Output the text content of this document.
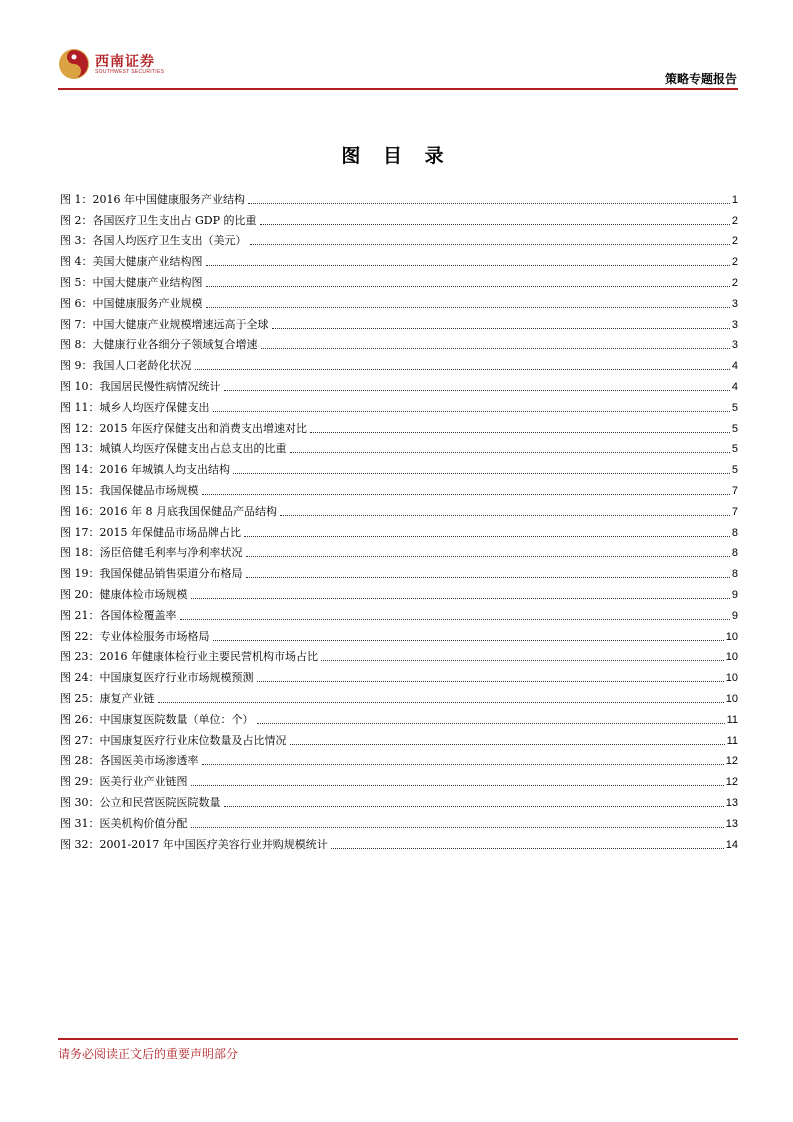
西南证券
SOUTHWEST SECURITIES	策略专题报告
图 目 录
图 1：2016 年中国健康服务产业结构	1
图 2：各国医疗卫生支出占 GDP 的比重	2
图 3：各国人均医疗卫生支出（美元）	2
图 4：美国大健康产业结构图	2
图 5：中国大健康产业结构图	2
图 6：中国健康服务产业规模	3
图 7：中国大健康产业规模增速远高于全球	3
图 8：大健康行业各细分子领域复合增速	3
图 9：我国人口老龄化状况	4
图 10：我国居民慢性病情况统计	4
图 11：城乡人均医疗保健支出	5
图 12：2015 年医疗保健支出和消费支出增速对比	5
图 13：城镇人均医疗保健支出占总支出的比重	5
图 14：2016 年城镇人均支出结构	5
图 15：我国保健品市场规模	7
图 16：2016 年 8 月底我国保健品产品结构	7
图 17：2015 年保健品市场品牌占比	8
图 18：汤臣倍健毛利率与净利率状况	8
图 19：我国保健品销售渠道分布格局	8
图 20：健康体检市场规模	9
图 21：各国体检覆盖率	9
图 22：专业体检服务市场格局	10
图 23：2016 年健康体检行业主要民营机构市场占比	10
图 24：中国康复医疗行业市场规模预测	10
图 25：康复产业链	10
图 26：中国康复医院数量（单位：个）	11
图 27：中国康复医疗行业床位数量及占比情况	11
图 28：各国医美市场渗透率	12
图 29：医美行业产业链图	12
图 30：公立和民营医院医院数量	13
图 31：医美机构价值分配	13
图 32：2001-2017 年中国医疗美容行业并购规模统计	14
请务必阅读正文后的重要声明部分
